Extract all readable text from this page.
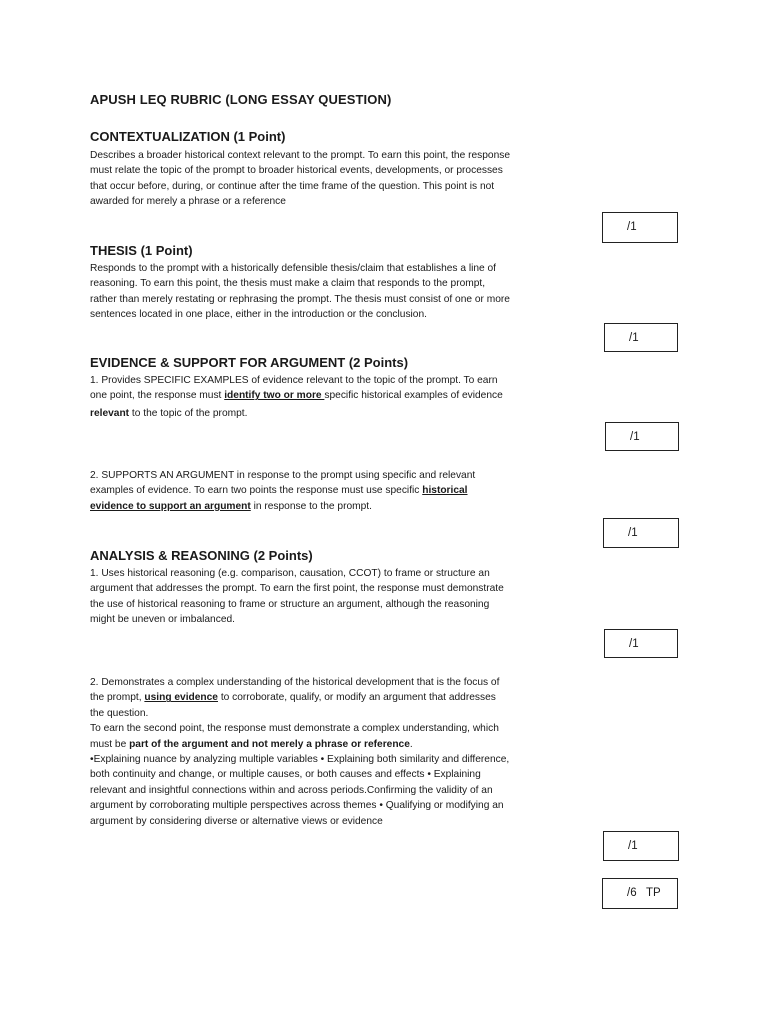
APUSH LEQ RUBRIC (LONG ESSAY QUESTION)
CONTEXTUALIZATION (1 Point)
Describes a broader historical context relevant to the prompt. To earn this point, the response
must relate the topic of the prompt to broader historical events, developments, or processes
that occur before, during, or continue after the time frame of the question. This point is not
awarded for merely a phrase or a reference
/1
THESIS (1 Point)
Responds to the prompt with a historically defensible thesis/claim that establishes a line of
reasoning. To earn this point, the thesis must make a claim that responds to the prompt,
rather than merely restating or rephrasing the prompt. The thesis must consist of one or more
sentences located in one place, either in the introduction or the conclusion.
/1
EVIDENCE & SUPPORT FOR ARGUMENT (2 Points)
1. Provides SPECIFIC EXAMPLES of evidence relevant to the topic of the prompt. To earn
one point, the response must identify two or more specific historical examples of evidence
relevant to the topic of the prompt.
/1
2. SUPPORTS AN ARGUMENT in response to the prompt using specific and relevant
examples of evidence. To earn two points the response must use specific historical
evidence to support an argument in response to the prompt.
/1
ANALYSIS & REASONING (2 Points)
1. Uses historical reasoning (e.g. comparison, causation, CCOT) to frame or structure an
argument that addresses the prompt. To earn the first point, the response must demonstrate
the use of historical reasoning to frame or structure an argument, although the reasoning
might be uneven or imbalanced.
/1
2. Demonstrates a complex understanding of the historical development that is the focus of
the prompt, using evidence to corroborate, qualify, or modify an argument that addresses
the question.
To earn the second point, the response must demonstrate a complex understanding, which
must be part of the argument and not merely a phrase or reference.
•Explaining nuance by analyzing multiple variables • Explaining both similarity and difference,
both continuity and change, or multiple causes, or both causes and effects • Explaining
relevant and insightful connections within and across periods.Confirming the validity of an
argument by corroborating multiple perspectives across themes • Qualifying or modifying an
argument by considering diverse or alternative views or evidence
/1
/6   TP
